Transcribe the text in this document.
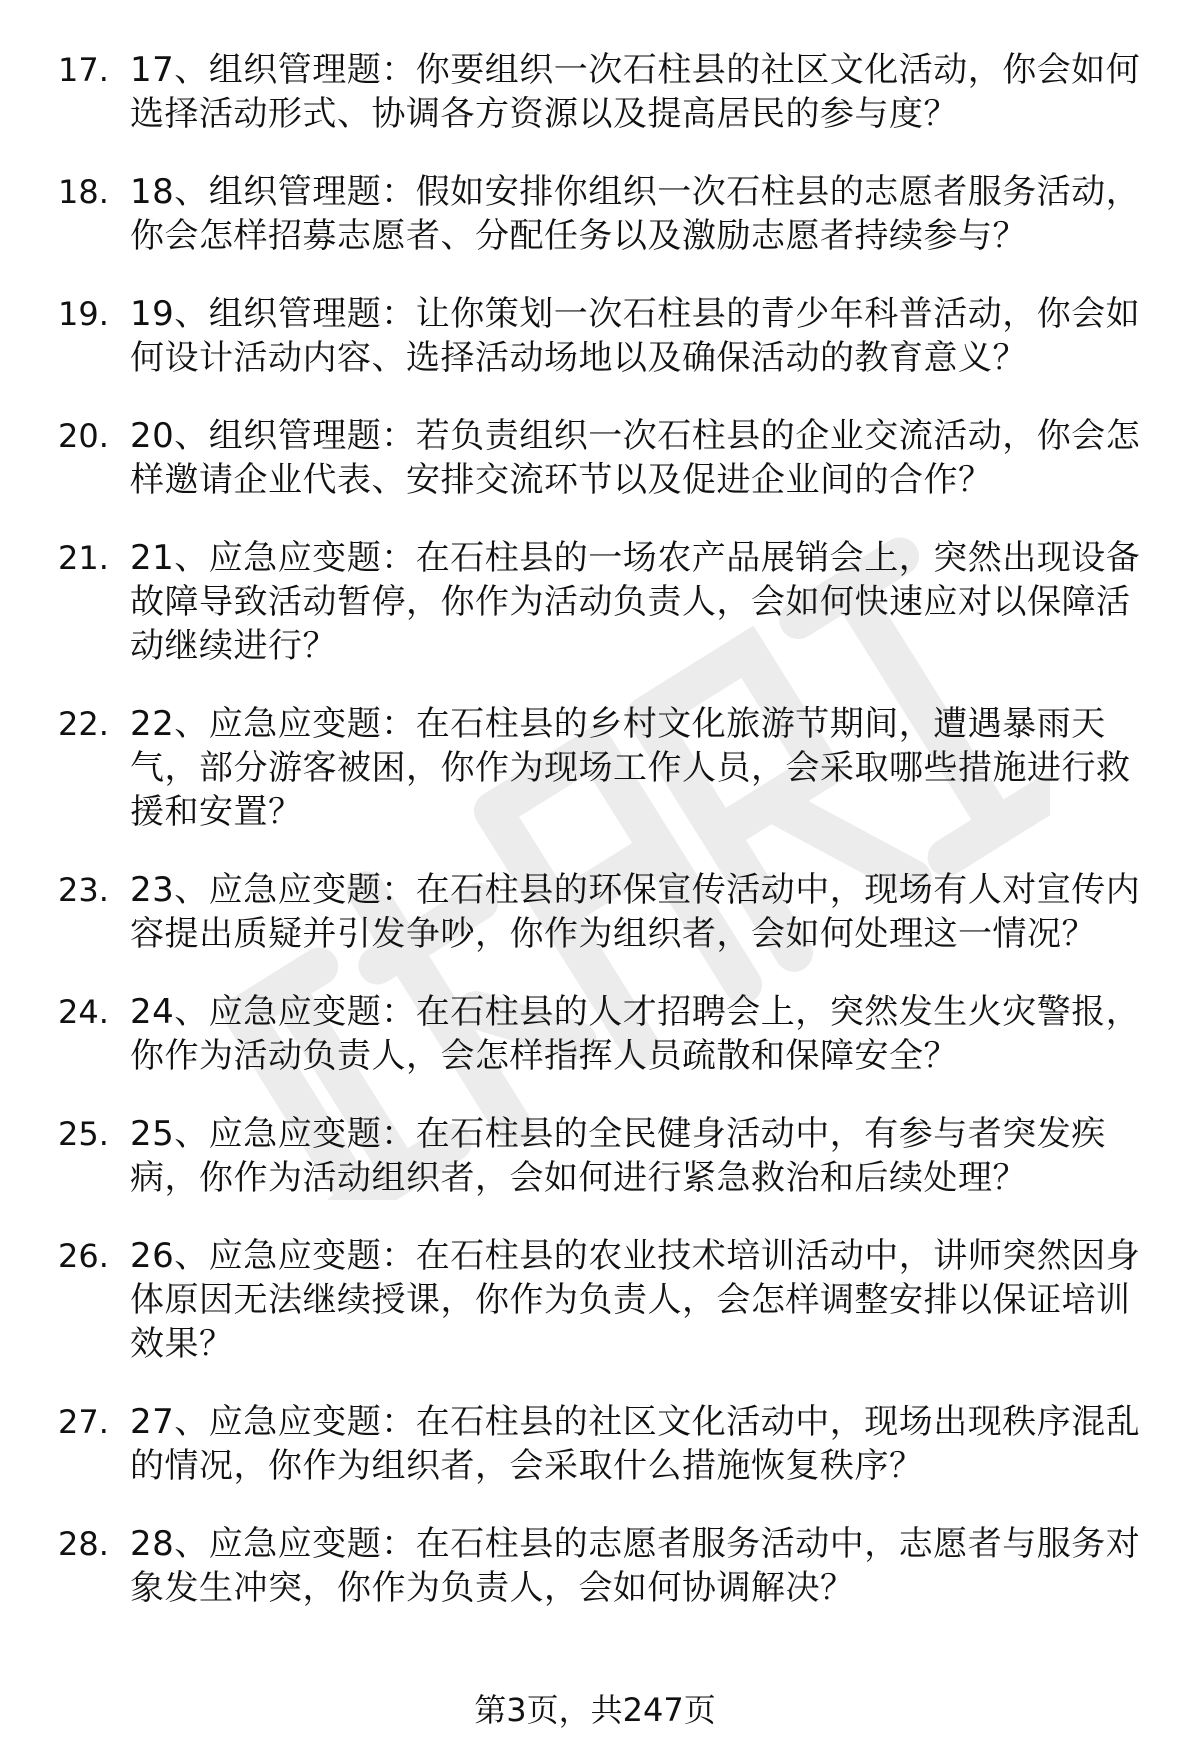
17. 17、组织管理题：你要组织一次石柱县的社区文化活动，你会如何选择活动形式、协调各方资源以及提高居民的参与度？
18. 18、组织管理题：假如安排你组织一次石柱县的志愿者服务活动，你会怎样招募志愿者、分配任务以及激励志愿者持续参与？
19. 19、组织管理题：让你策划一次石柱县的青少年科普活动，你会如何设计活动内容、选择活动场地以及确保活动的教育意义？
20. 20、组织管理题：若负责组织一次石柱县的企业交流活动，你会怎样邀请企业代表、安排交流环节以及促进企业间的合作？
21. 21、应急应变题：在石柱县的一场农产品展销会上，突然出现设备故障导致活动暂停，你作为活动负责人，会如何快速应对以保障活动继续进行？
22. 22、应急应变题：在石柱县的乡村文化旅游节期间，遭遇暴雨天气，部分游客被困，你作为现场工作人员，会采取哪些措施进行救援和安置？
23. 23、应急应变题：在石柱县的环保宣传活动中，现场有人对宣传内容提出质疑并引发争吵，你作为组织者，会如何处理这一情况？
24. 24、应急应变题：在石柱县的人才招聘会上，突然发生火灾警报，你作为活动负责人，会怎样指挥人员疏散和保障安全？
25. 25、应急应变题：在石柱县的全民健身活动中，有参与者突发疾病，你作为活动组织者，会如何进行紧急救治和后续处理？
26. 26、应急应变题：在石柱县的农业技术培训活动中，讲师突然因身体原因无法继续授课，你作为负责人，会怎样调整安排以保证培训效果？
27. 27、应急应变题：在石柱县的社区文化活动中，现场出现秩序混乱的情况，你作为组织者，会采取什么措施恢复秩序？
28. 28、应急应变题：在石柱县的志愿者服务活动中，志愿者与服务对象发生冲突，你作为负责人，会如何协调解决？
第3页，共247页
